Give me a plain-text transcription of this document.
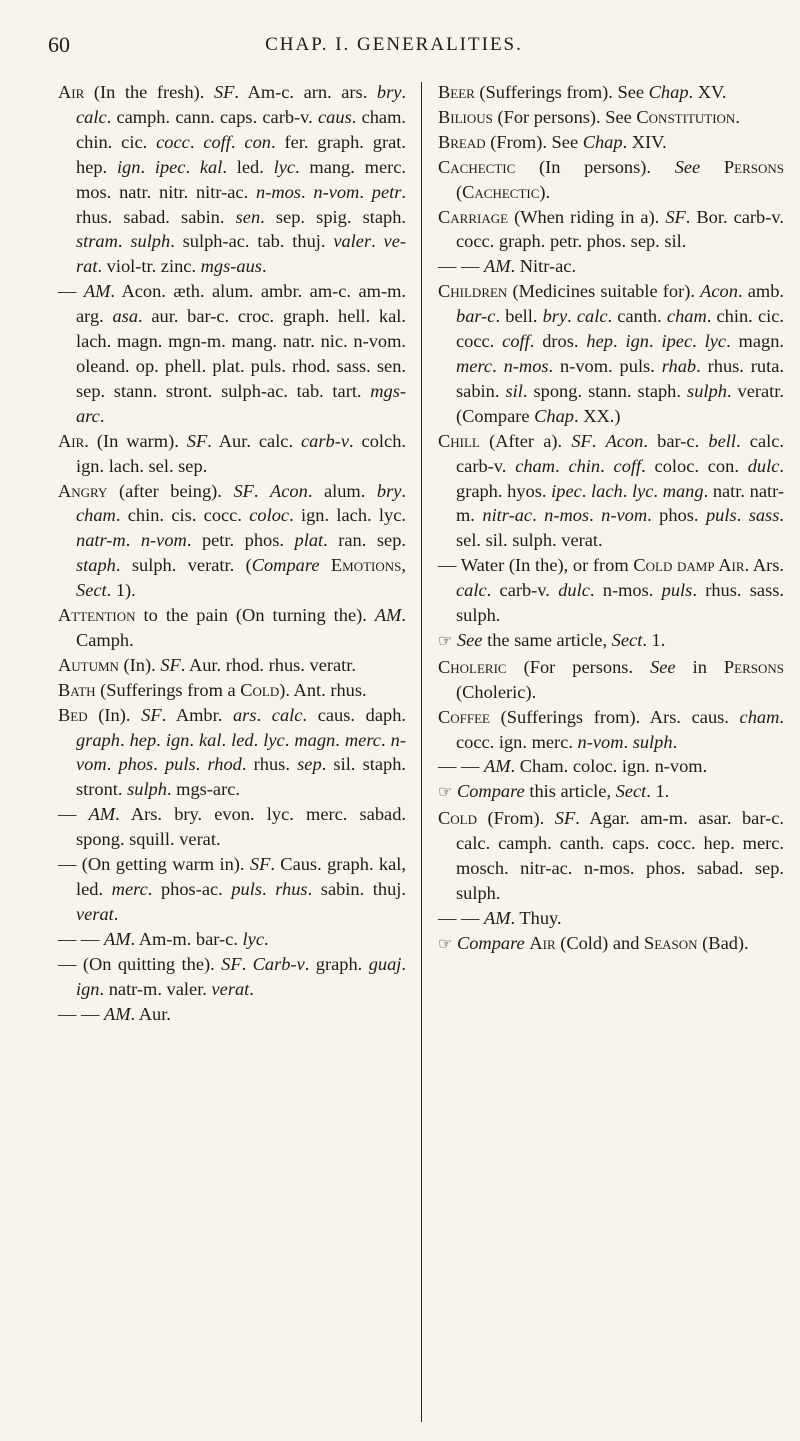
60	CHAP. I. GENERALITIES.

Air (In the fresh). SF. Am-c. arn. ars. bry. calc. camph. cann. caps. carb-v. caus. cham. chin. cic. cocc. coff. con. fer. graph. grat. hep. ign. ipec. kal. led. lyc. mang. merc. mos. natr. nitr. nitr-ac. n-mos. n-vom. petr. rhus. sabad. sabin. sen. sep. spig. staph. stram. sulph. sulph-ac. tab. thuj. valer. ve-rat. viol-tr. zinc. mgs-aus.

— AM. Acon. æth. alum. ambr. am-c. am-m. arg. asa. aur. bar-c. croc. graph. hell. kal. lach. magn. mgn-m. mang. natr. nic. n-vom. oleand. op. phell. plat. puls. rhod. sass. sen. sep. stann. stront. sulph-ac. tab. tart. mgs-arc.

Air. (In warm). SF. Aur. calc. carb-v. colch. ign. lach. sel. sep.

Angry (after being). SF. Acon. alum. bry. cham. chin. cis. cocc. coloc. ign. lach. lyc. natr-m. n-vom. petr. phos. plat. ran. sep. staph. sulph. veratr. (Compare Emotions, Sect. 1).

Attention to the pain (On turning the). AM. Camph.

Autumn (In). SF. Aur. rhod. rhus. veratr.

Bath (Sufferings from a Cold). Ant. rhus.

Bed (In). SF. Ambr. ars. calc. caus. daph. graph. hep. ign. kal. led. lyc. magn. merc. n-vom. phos. puls. rhod. rhus. sep. sil. staph. stront. sulph. mgs-arc.

— AM. Ars. bry. evon. lyc. merc. sabad. spong. squill. verat.

— (On getting warm in). SF. Caus. graph. kal, led. merc. phos-ac. puls. rhus. sabin. thuj. verat.

— — AM. Am-m. bar-c. lyc.

— (On quitting the). SF. Carb-v. graph. guaj. ign. natr-m. valer. verat.

— — AM. Aur.

Beer (Sufferings from). See Chap. XV.

Bilious (For persons). See Constitution.

Bread (From). See Chap. XIV.

Cachectic (In persons). See Persons (Cachectic).

Carriage (When riding in a). SF. Bor. carb-v. cocc. graph. petr. phos. sep. sil.

— — AM. Nitr-ac.

Children (Medicines suitable for). Acon. amb. bar-c. bell. bry. calc. canth. cham. chin. cic. cocc. coff. dros. hep. ign. ipec. lyc. magn. merc. n-mos. n-vom. puls. rhab. rhus. ruta. sabin. sil. spong. stann. staph. sulph. veratr. (Compare Chap. XX.)

Chill (After a). SF. Acon. bar-c. bell. calc. carb-v. cham. chin. coff. coloc. con. dulc. graph. hyos. ipec. lach. lyc. mang. natr. natr-m. nitr-ac. n-mos. n-vom. phos. puls. sass. sel. sil. sulph. verat.

— Water (In the), or from Cold damp Air. Ars. calc. carb-v. dulc. n-mos. puls. rhus. sass. sulph.

☞ See the same article, Sect. 1.

Choleric (For persons. See in Persons (Choleric).

Coffee (Sufferings from). Ars. caus. cham. cocc. ign. merc. n-vom. sulph.

— — AM. Cham. coloc. ign. n-vom.

☞ Compare this article, Sect. 1.

Cold (From). SF. Agar. am-m. asar. bar-c. calc. camph. canth. caps. cocc. hep. merc. mosch. nitr-ac. n-mos. phos. sabad. sep. sulph.

— — AM. Thuy.

☞ Compare Air (Cold) and Season (Bad).
